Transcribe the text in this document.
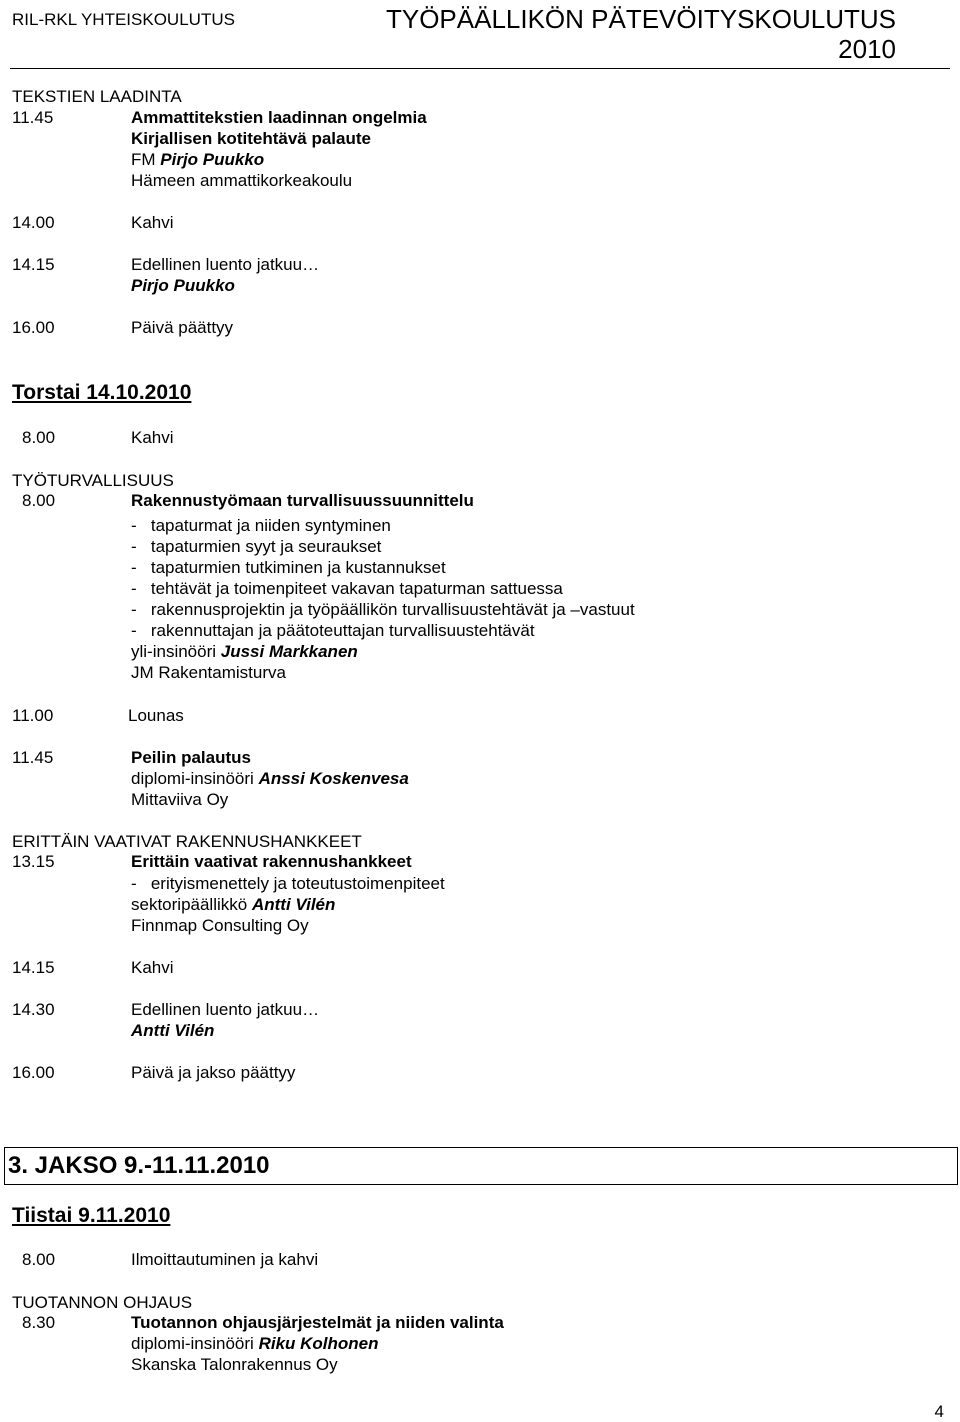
RIL-RKL YHTEISKOULUTUS	TYÖPÄÄLLIKÖN PÄTEVÖITYSKOULUTUS
2010
TEKSTIEN LAADINTA
11.45	Ammattitekstien laadinnan ongelmia
Kirjallisen kotitehtävä palaute
FM Pirjo Puukko
Hämeen ammattikorkeakoulu
14.00	Kahvi
14.15	Edellinen luento jatkuu…
Pirjo Puukko
16.00	Päivä päättyy
Torstai 14.10.2010
8.00	Kahvi
TYÖTURVALLISUUS
8.00	Rakennustyömaan turvallisuussuunnittelu
-   tapaturmat ja niiden syntyminen
-   tapaturmien syyt ja seuraukset
-   tapaturmien tutkiminen ja kustannukset
-   tehtävät ja toimenpiteet vakavan tapaturman sattuessa
-   rakennusprojektin ja työpäällikön turvallisuustehtävät ja –vastuut
-   rakennuttajan ja päätoteuttajan turvallisuustehtävät
yli-insinööri Jussi Markkanen
JM Rakentamisturva
11.00	Lounas
11.45	Peilin palautus
diplomi-insinööri Anssi Koskenvesa
Mittaviiva Oy
ERITTÄIN VAATIVAT RAKENNUSHANKKEET
13.15	Erittäin vaativat rakennushankkeet
-   erityismenettely ja toteutustoimenpiteet
sektoripäällikkö Antti Vilén
Finnmap Consulting Oy
14.15	Kahvi
14.30	Edellinen luento jatkuu…
Antti Vilén
16.00	Päivä ja jakso päättyy
3. JAKSO 9.-11.11.2010
Tiistai 9.11.2010
8.00	Ilmoittautuminen ja kahvi
TUOTANNON OHJAUS
8.30	Tuotannon ohjausjärjestelmät ja niiden valinta
diplomi-insinööri Riku Kolhonen
Skanska Talonrakennus Oy
4
